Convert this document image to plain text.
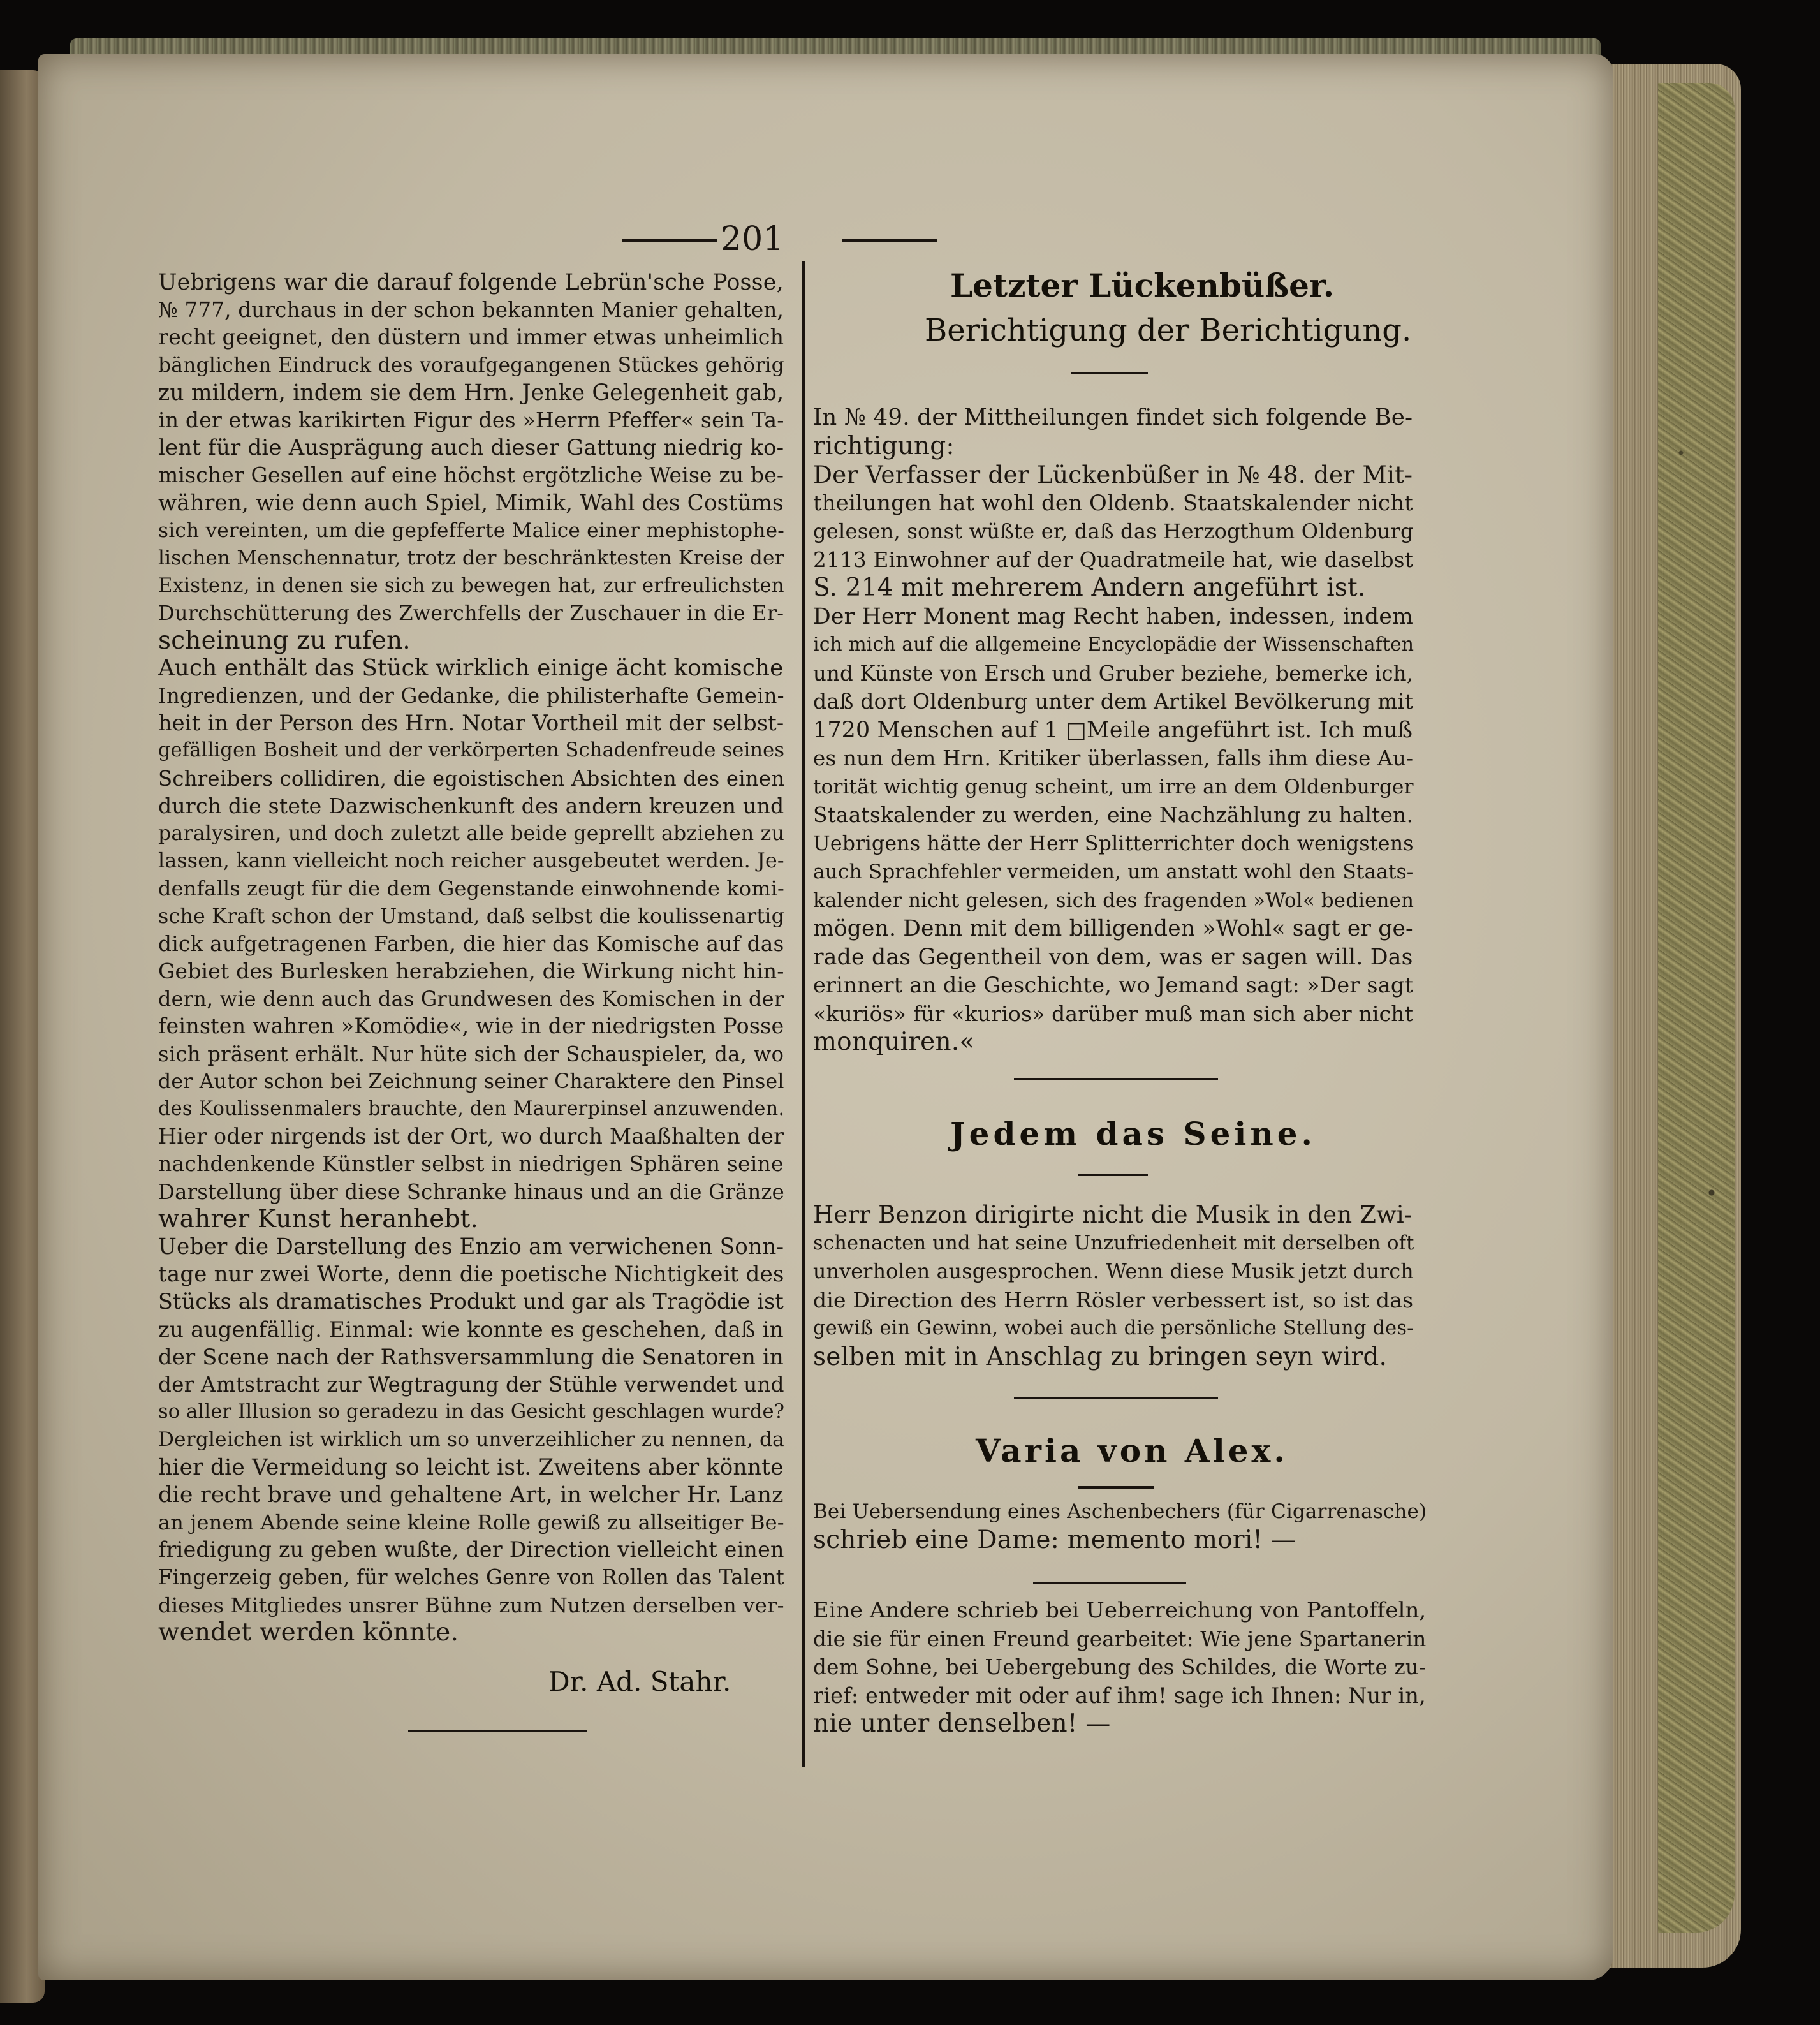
201
Uebrigens war die darauf folgende Lebrün'sche Posse,
№ 777, durchaus in der schon bekannten Manier gehalten,
recht geeignet, den düstern und immer etwas unheimlich
bänglichen Eindruck des voraufgegangenen Stückes gehörig
zu mildern, indem sie dem Hrn. Jenke Gelegenheit gab,
in der etwas karikirten Figur des »Herrn Pfeffer« sein Ta-
lent für die Ausprägung auch dieser Gattung niedrig ko-
mischer Gesellen auf eine höchst ergötzliche Weise zu be-
währen, wie denn auch Spiel, Mimik, Wahl des Costüms
sich vereinten, um die gepfefferte Malice einer mephistophe-
lischen Menschennatur, trotz der beschränktesten Kreise der
Existenz, in denen sie sich zu bewegen hat, zur erfreulichsten
Durchschütterung des Zwerchfells der Zuschauer in die Er-
scheinung zu rufen.
Auch enthält das Stück wirklich einige ächt komische
Ingredienzen, und der Gedanke, die philisterhafte Gemein-
heit in der Person des Hrn. Notar Vortheil mit der selbst-
gefälligen Bosheit und der verkörperten Schadenfreude seines
Schreibers collidiren, die egoistischen Absichten des einen
durch die stete Dazwischenkunft des andern kreuzen und
paralysiren, und doch zuletzt alle beide geprellt abziehen zu
lassen, kann vielleicht noch reicher ausgebeutet werden. Je-
denfalls zeugt für die dem Gegenstande einwohnende komi-
sche Kraft schon der Umstand, daß selbst die koulissenartig
dick aufgetragenen Farben, die hier das Komische auf das
Gebiet des Burlesken herabziehen, die Wirkung nicht hin-
dern, wie denn auch das Grundwesen des Komischen in der
feinsten wahren »Komödie«, wie in der niedrigsten Posse
sich präsent erhält. Nur hüte sich der Schauspieler, da, wo
der Autor schon bei Zeichnung seiner Charaktere den Pinsel
des Koulissenmalers brauchte, den Maurerpinsel anzuwenden.
Hier oder nirgends ist der Ort, wo durch Maaßhalten der
nachdenkende Künstler selbst in niedrigen Sphären seine
Darstellung über diese Schranke hinaus und an die Gränze
wahrer Kunst heranhebt.
Ueber die Darstellung des Enzio am verwichenen Sonn-
tage nur zwei Worte, denn die poetische Nichtigkeit des
Stücks als dramatisches Produkt und gar als Tragödie ist
zu augenfällig. Einmal: wie konnte es geschehen, daß in
der Scene nach der Rathsversammlung die Senatoren in
der Amtstracht zur Wegtragung der Stühle verwendet und
so aller Illusion so geradezu in das Gesicht geschlagen wurde?
Dergleichen ist wirklich um so unverzeihlicher zu nennen, da
hier die Vermeidung so leicht ist. Zweitens aber könnte
die recht brave und gehaltene Art, in welcher Hr. Lanz
an jenem Abende seine kleine Rolle gewiß zu allseitiger Be-
friedigung zu geben wußte, der Direction vielleicht einen
Fingerzeig geben, für welches Genre von Rollen das Talent
dieses Mitgliedes unsrer Bühne zum Nutzen derselben ver-
wendet werden könnte.
Dr. Ad. Stahr.
Letzter Lückenbüßer.
Berichtigung der Berichtigung.
In № 49. der Mittheilungen findet sich folgende Be-
richtigung:
Der Verfasser der Lückenbüßer in № 48. der Mit-
theilungen hat wohl den Oldenb. Staatskalender nicht
gelesen, sonst wüßte er, daß das Herzogthum Oldenburg
2113 Einwohner auf der Quadratmeile hat, wie daselbst
S. 214 mit mehrerem Andern angeführt ist.
Der Herr Monent mag Recht haben, indessen, indem
ich mich auf die allgemeine Encyclopädie der Wissenschaften
und Künste von Ersch und Gruber beziehe, bemerke ich,
daß dort Oldenburg unter dem Artikel Bevölkerung mit
1720 Menschen auf 1 □Meile angeführt ist. Ich muß
es nun dem Hrn. Kritiker überlassen, falls ihm diese Au-
torität wichtig genug scheint, um irre an dem Oldenburger
Staatskalender zu werden, eine Nachzählung zu halten.
Uebrigens hätte der Herr Splitterrichter doch wenigstens
auch Sprachfehler vermeiden, um anstatt wohl den Staats-
kalender nicht gelesen, sich des fragenden »Wol« bedienen
mögen. Denn mit dem billigenden »Wohl« sagt er ge-
rade das Gegentheil von dem, was er sagen will. Das
erinnert an die Geschichte, wo Jemand sagt: »Der sagt
«kuriös» für «kurios» darüber muß man sich aber nicht
monquiren.«
Jedem das Seine.
Herr Benzon dirigirte nicht die Musik in den Zwi-
schenacten und hat seine Unzufriedenheit mit derselben oft
unverholen ausgesprochen. Wenn diese Musik jetzt durch
die Direction des Herrn Rösler verbessert ist, so ist das
gewiß ein Gewinn, wobei auch die persönliche Stellung des-
selben mit in Anschlag zu bringen seyn wird.
Varia von Alex.
Bei Uebersendung eines Aschenbechers (für Cigarrenasche)
schrieb eine Dame: memento mori! —
Eine Andere schrieb bei Ueberreichung von Pantoffeln,
die sie für einen Freund gearbeitet: Wie jene Spartanerin
dem Sohne, bei Uebergebung des Schildes, die Worte zu-
rief: entweder mit oder auf ihm! sage ich Ihnen: Nur in,
nie unter denselben! —
